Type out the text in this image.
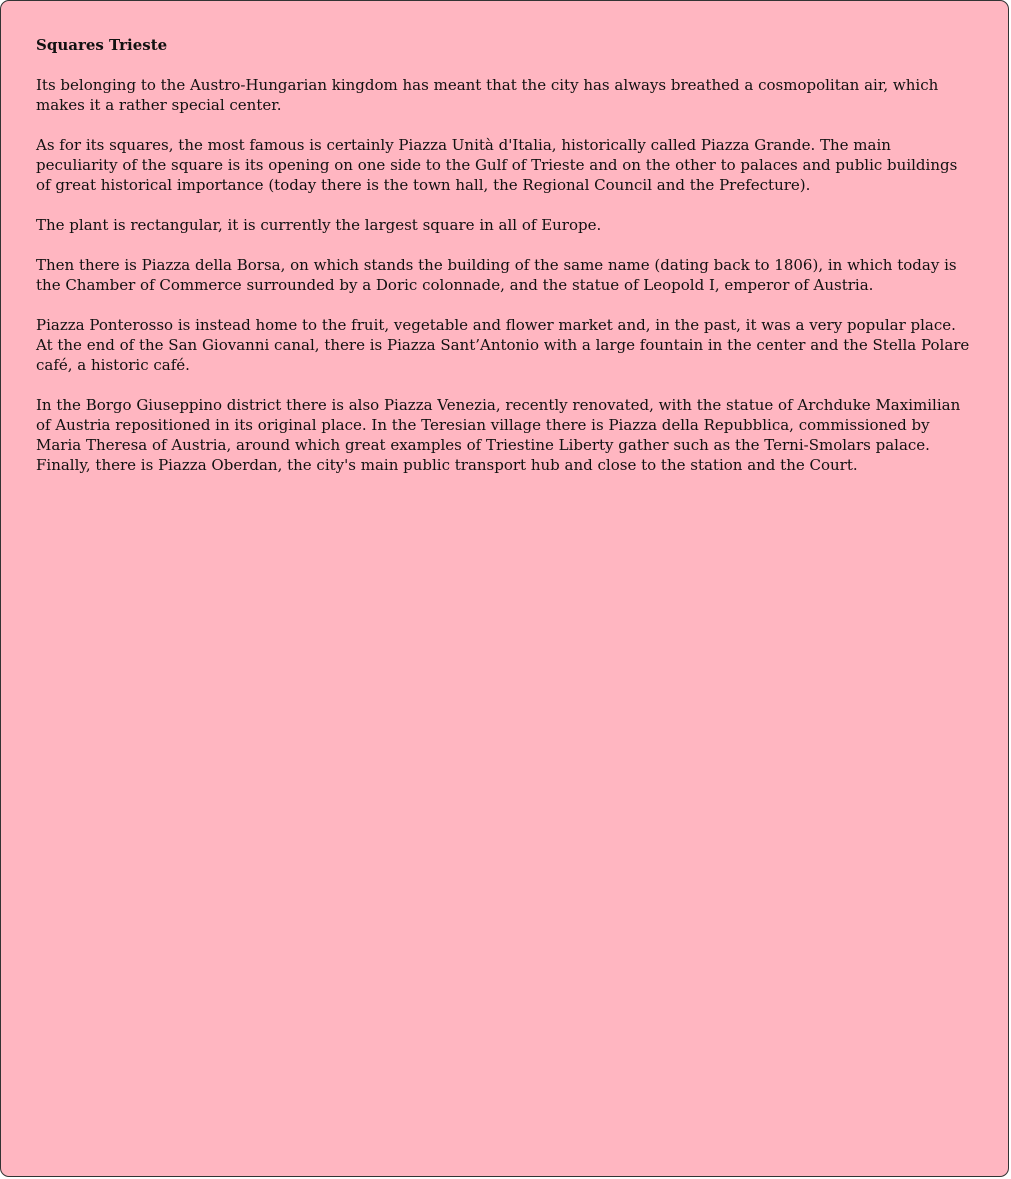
Squares Trieste

Its belonging to the Austro-Hungarian kingdom has meant that the city has always breathed a cosmopolitan air, which makes it a rather special center.

As for its squares, the most famous is certainly Piazza Unità d'Italia, historically called Piazza Grande. The main peculiarity of the square is its opening on one side to the Gulf of Trieste and on the other to palaces and public buildings of great historical importance (today there is the town hall, the Regional Council and the Prefecture).

The plant is rectangular, it is currently the largest square in all of Europe.

Then there is Piazza della Borsa, on which stands the building of the same name (dating back to 1806), in which today is the Chamber of Commerce surrounded by a Doric colonnade, and the statue of Leopold I, emperor of Austria.

Piazza Ponterosso is instead home to the fruit, vegetable and flower market and, in the past, it was a very popular place. At the end of the San Giovanni canal, there is Piazza Sant’Antonio with a large fountain in the center and the Stella Polare café, a historic café.

In the Borgo Giuseppino district there is also Piazza Venezia, recently renovated, with the statue of Archduke Maximilian of Austria repositioned in its original place. In the Teresian village there is Piazza della Repubblica, commissioned by Maria Theresa of Austria, around which great examples of Triestine Liberty gather such as the Terni-Smolars palace. Finally, there is Piazza Oberdan, the city's main public transport hub and close to the station and the Court.
